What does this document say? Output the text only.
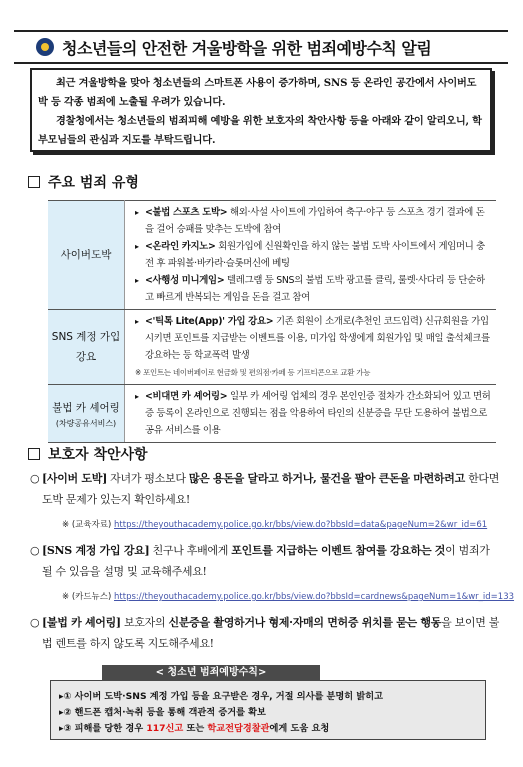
청소년들의 안전한 겨울방학을 위한 범죄예방수칙 알림

최근 겨울방학을 맞아 청소년들의 스마트폰 사용이 증가하며, SNS 등 온라인 공간에서 사이버도박 등 각종 범죄에 노출될 우려가 있습니다.

경찰청에서는 청소년들의 범죄피해 예방을 위한 보호자의 착안사항 등을 아래와 같이 알리오니, 학부모님들의 관심과 지도를 부탁드립니다.

주요 범죄 유형
사이버도박	▸ <불법 스포츠 도박> 해외·사설 사이트에 가입하여 축구·야구 등 스포츠 경기 결과에 돈을 걸어 승패를 맞추는 도박에 참여
▸ <온라인 카지노> 회원가입에 신원확인을 하지 않는 불법 도박 사이트에서 게임머니 충전 후 파워볼·바카라·슬롯머신에 베팅
▸ <사행성 미니게임> 텔레그램 등 SNS의 불법 도박 광고를 클릭, 룰렛·사다리 등 단순하고 빠르게 반복되는 게임을 돈을 걸고 참여

SNS 계정 가입 강요	▸ <'틱톡 Lite(App)' 가입 강요> 기존 회원이 소개로(추천인 코드입력) 신규회원을 가입시키면 포인트를 지급받는 이벤트를 이용, 미가입 학생에게 회원가입 및 매일 출석체크를 강요하는 등 학교폭력 발생
※ 포인트는 네이버페이로 현금화 및 편의점·카페 등 기프티콘으로 교환 가능

불법 카 셰어링
(차량공유서비스)	▸ <비대면 카 셰어링> 일부 카 셰어링 업체의 경우 본인인증 절차가 간소화되어 있고 면허증 등록이 온라인으로 진행되는 점을 악용하여 타인의 신분증을 무단 도용하여 불법으로 공유 서비스를 이용
보호자 착안사항
○ [사이버 도박] 자녀가 평소보다 많은 용돈을 달라고 하거나, 물건을 팔아 큰돈을 마련하려고 한다면 도박 문제가 있는지 확인하세요!
※ (교육자료) https://theyouthacademy.police.go.kr/bbs/view.do?bbsId=data&pageNum=2&wr_id=61
○ [SNS 계정 가입 강요] 친구나 후배에게 포인트를 지급하는 이벤트 참여를 강요하는 것이 범죄가 될 수 있음을 설명 및 교육해주세요!
※ (카드뉴스) https://theyouthacademy.police.go.kr/bbs/view.do?bbsId=cardnews&pageNum=1&wr_id=133
○ [불법 카 셰어링] 보호자의 신분증을 촬영하거나 형제·자매의 면허증 위치를 묻는 행동을 보이면 불법 렌트를 하지 않도록 지도해주세요!
▸① 사이버 도박·SNS 계정 가입 등을 요구받은 경우, 거절 의사를 분명히 밝히고
▸② 핸드폰 캡처·녹취 등을 통해 객관적 증거를 확보
▸③ 피해를 당한 경우 117신고 또는 학교전담경찰관에게 도움 요청
< 청소년 범죄예방수칙>
